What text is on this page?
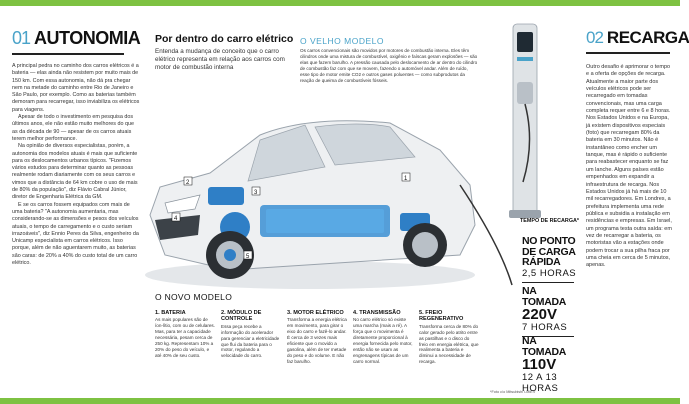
01 AUTONOMIA

A principal pedra no caminho dos carros elétricos é a bateria — elas ainda não resistem por muito mais de 150 km. Com essa autonomia, não dá pra chegar nem na metade do caminho entre Rio de Janeiro e São Paulo, por exemplo. Como as baterias também demoram para recarregar, isso inviabiliza os elétricos para viagens.

Apesar de todo o investimento em pesquisa dos últimos anos, ele não estão muito melhores do que as da década de 90 — apesar de os carros atuais terem melhor performance.

Na opinião de diversos especialistas, porém, a autonomia dos modelos atuais é mais que suficiente para os deslocamentos urbanos típicos. "Fizemos vários estudos para determinar quanto as pessoas realmente rodam diariamente com os seus carros e vimos que a distância de 64 km cobre o uso de mais de 80% da população", diz Flávio Cabral Júnior, diretor de Engenharia Elétrica da GM.

E se os carros fossem equipados com mais de uma bateria? "A autonomia aumentaria, mas considerando-se as dimensões e pesos dos veículos atuais, o tempo de carregamento e o custo seriam irrazoáveis", diz Ennio Peres da Silva, engenheiro da Unicamp especialista em carros elétricos. Isso porque, além de não aguentarem muito, as baterias são caras: de 20% a 40% do custo total de um carro elétrico.

Por dentro do carro elétrico
Entenda a mudança de conceito que o carro elétrico representa em relação aos carros com motor de combustão interna
O VELHO MODELO
Os carros convencionais são movidos por motores de combustão interna. Eles têm cilindros onde uma mistura de combustível, oxigênio e faíscas geram explosões — são elas que fazem barulho. A pressão causada pelo deslocamento de ar dentro do cilindro de combustão faz com que se movem, fazendo o automóvel andar. Além de ruído, esse tipo de motor emite CO2 e outros gases poluentes — como subprodutos da reação de queima de combustíveis fósseis.
1
2
3
4
5
O NOVO MODELO
1. BATERIA

As mais populares são de íon-lítio, com ou de celulares. Mas, para ter a capacidade necessária, pesam cerca de 250 kg. Representam 10% a 20% do peso do veículo, e até 40% de seu custo.

2. MÓDULO DE CONTROLE

Essa peça recebe a informação do acelerador para gerenciar a eletricidade que flui da bateria para o motor, regulando a velocidade do carro.

3. MOTOR ELÉTRICO

Transforma a energia elétrica em movimento, para girar o eixo do carro e fazê-lo andar. É cerca de 3 vezes mais eficiente que o movido a gasolina, além de ter metade do peso e do volume. E não faz barulho.

4. TRANSMISSÃO

No carro elétrico só existe uma marcha (mais a ré). A força que o movimenta é diretamente proporcional à energia fornecida pelo motor, então não se usam as engrenagens típicas de um carro normal.

5. FREIO REGENERATIVO

Transforma cerca de 80% do calor gerado pelo atrito entre as pastilhas e o disco do freio em energia elétrica, que realimenta a bateria e diminui a necessidade de recarga.

*Foto c/o Mitsubishi i-MiEV
TEMPO DE RECARGA*
NO PONTO DE CARGA RÁPIDA
2,5 HORAS
NA TOMADA
220V
7 HORAS
NA TOMADA
110V
12 A 13 HORAS
02 RECARGA
Outro desafio é aprimorar o tempo e a oferta de opções de recarga. Atualmente a maior parte dos veículos elétricos pode ser recarregado em tomadas convencionais, mas uma carga completa requer entre 6 e 8 horas. Nos Estados Unidos e na Europa, já existem dispositivos especiais (foto) que recarregam 80% da bateria em 30 minutos. Não é instantâneo como encher um tanque, mas é rápido o suficiente para reabastecer enquanto se faz um lanche. Alguns países estão empenhados em expandir a infraestrutura de recarga. Nos Estados Unidos já há mais de 10 mil recarregadores. Em Londres, a prefeitura implementa uma rede pública e subsidia a instalação em residências e empresas. Em Israel, um programa testa outra saída: em vez de recarregar a bateria, os motoristas vão a estações onde podem trocar a sua pilha fraca por uma cheia em cerca de 5 minutos, apenas.
